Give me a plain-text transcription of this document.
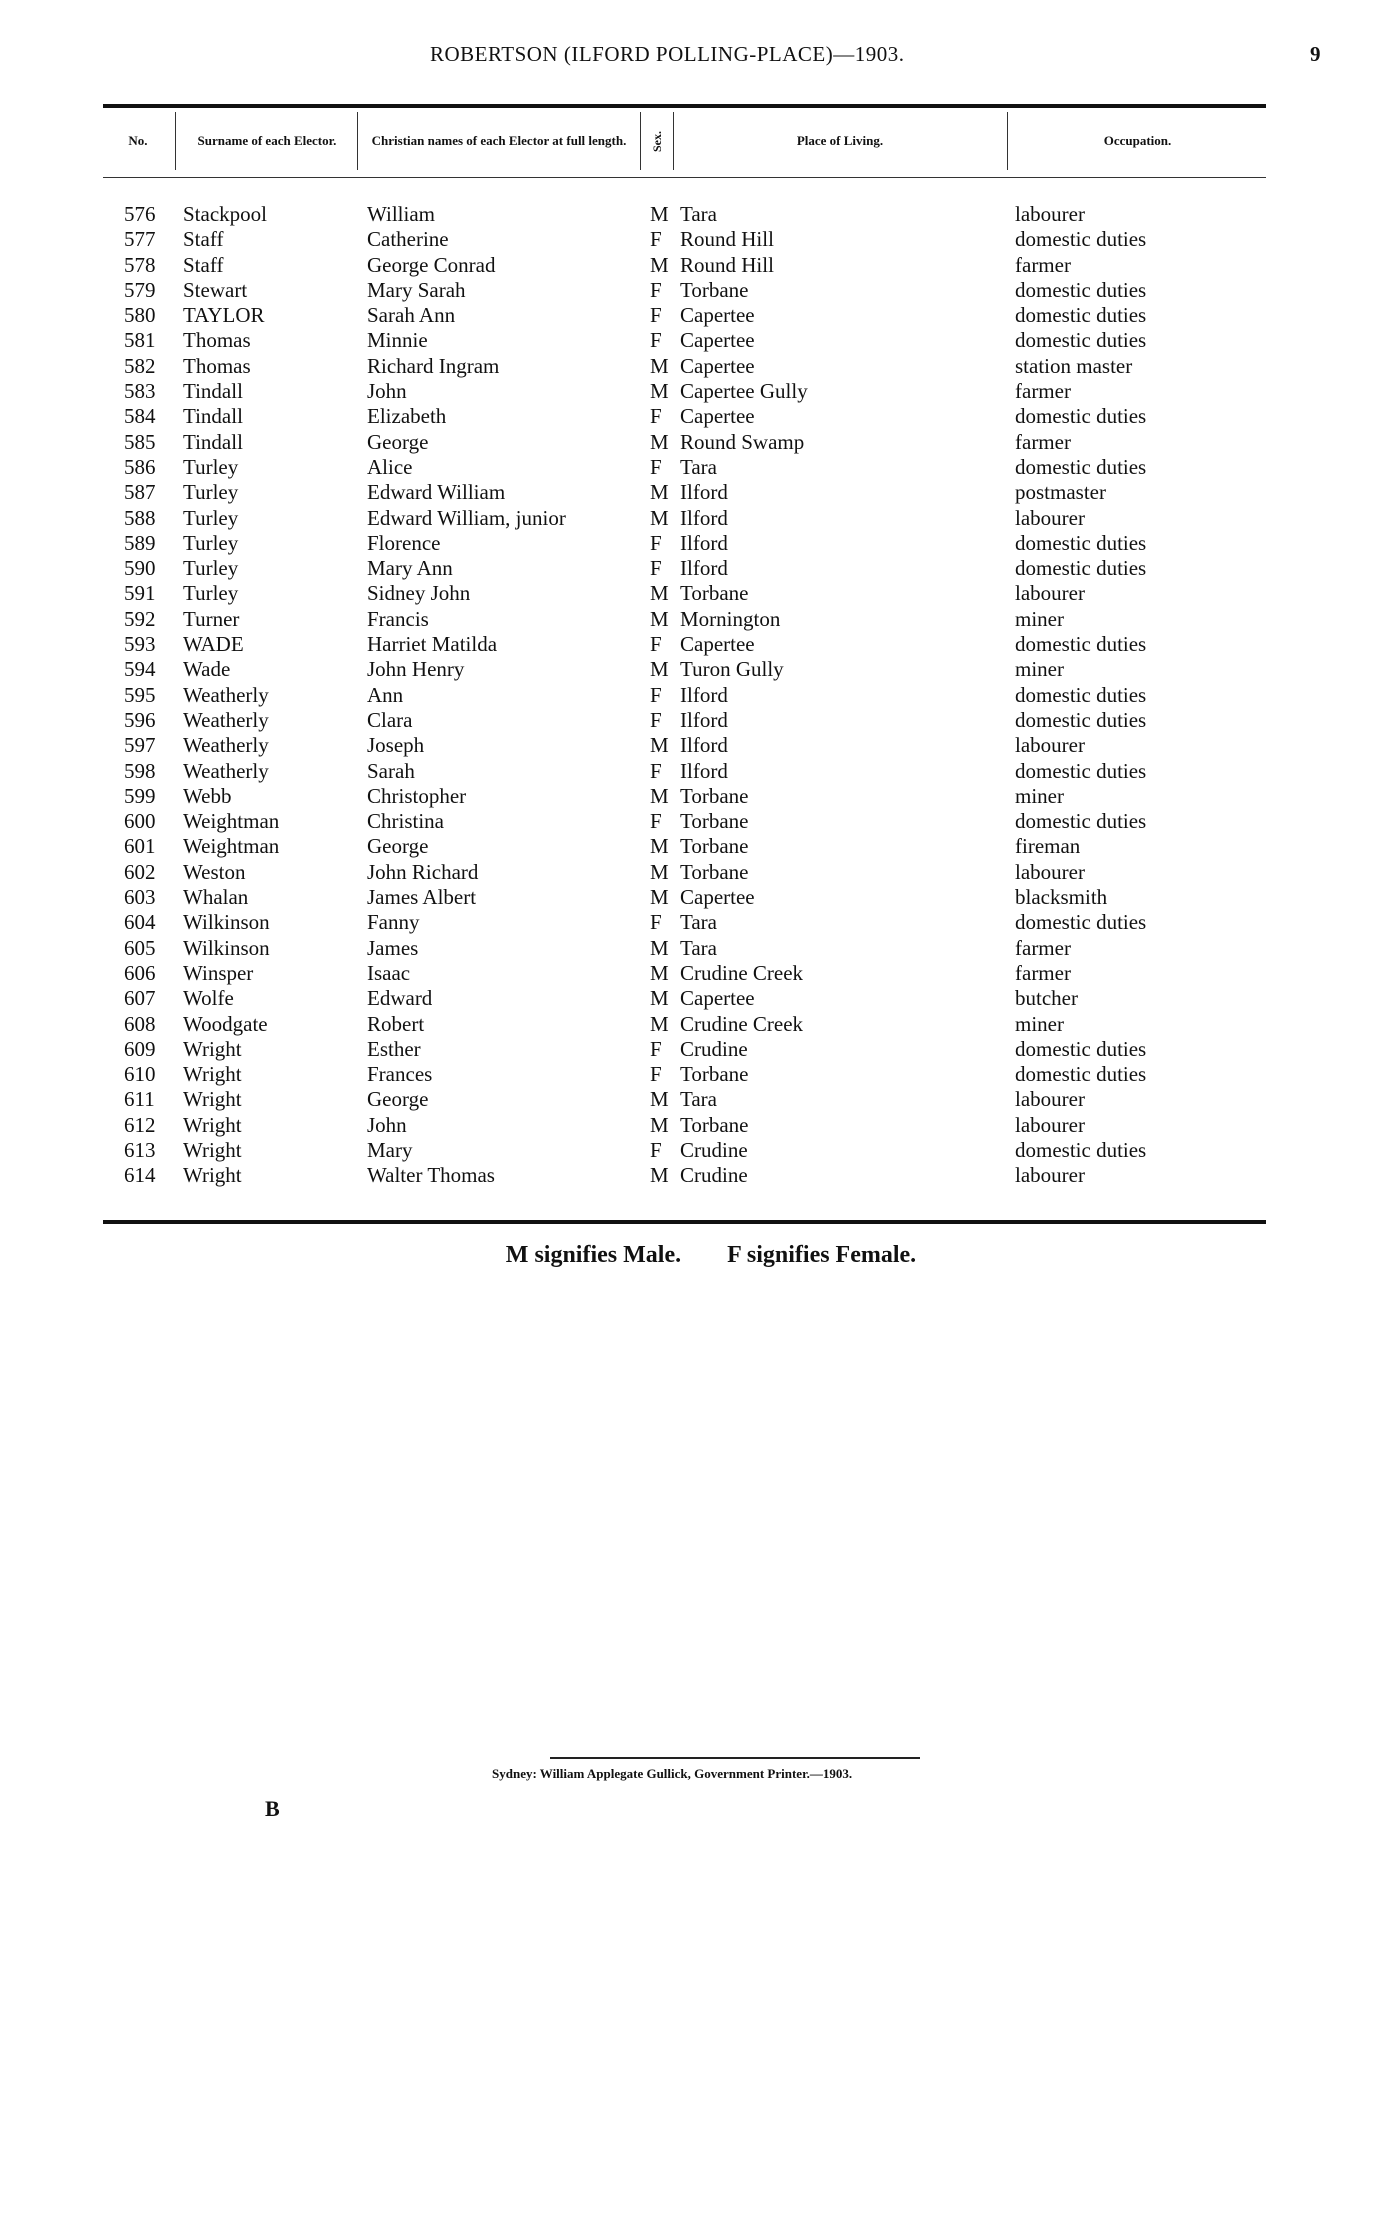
ROBERTSON (ILFORD POLLING-PLACE)—1903.	9
No.	Surname of each Elector.	Christian names of each Elector at full length.	Sex.	Place of Living.	Occupation.
576 Stackpool	William	M Tara	labourer
577 Staff	Catherine	F Round Hill	domestic duties
578 Staff	George Conrad	M Round Hill	farmer
579 Stewart	Mary Sarah	F Torbane	domestic duties
580 TAYLOR	Sarah Ann	F Capertee	domestic duties
581 Thomas	Minnie	F Capertee	domestic duties
582 Thomas	Richard Ingram	M Capertee	station master
583 Tindall	John	M Capertee Gully	farmer
584 Tindall	Elizabeth	F Capertee	domestic duties
585 Tindall	George	M Round Swamp	farmer
586 Turley	Alice	F Tara	domestic duties
587 Turley	Edward William	M Ilford	postmaster
588 Turley	Edward William, junior	M Ilford	labourer
589 Turley	Florence	F Ilford	domestic duties
590 Turley	Mary Ann	F Ilford	domestic duties
591 Turley	Sidney John	M Torbane	labourer
592 Turner	Francis	M Mornington	miner
593 WADE	Harriet Matilda	F Capertee	domestic duties
594 Wade	John Henry	M Turon Gully	miner
595 Weatherly	Ann	F Ilford	domestic duties
596 Weatherly	Clara	F Ilford	domestic duties
597 Weatherly	Joseph	M Ilford	labourer
598 Weatherly	Sarah	F Ilford	domestic duties
599 Webb	Christopher	M Torbane	miner
600 Weightman	Christina	F Torbane	domestic duties
601 Weightman	George	M Torbane	fireman
602 Weston	John Richard	M Torbane	labourer
603 Whalan	James Albert	M Capertee	blacksmith
604 Wilkinson	Fanny	F Tara	domestic duties
605 Wilkinson	James	M Tara	farmer
606 Winsper	Isaac	M Crudine Creek	farmer
607 Wolfe	Edward	M Capertee	butcher
608 Woodgate	Robert	M Crudine Creek	miner
609 Wright	Esther	F Crudine	domestic duties
610 Wright	Frances	F Torbane	domestic duties
611 Wright	George	M Tara	labourer
612 Wright	John	M Torbane	labourer
613 Wright	Mary	F Crudine	domestic duties
614 Wright	Walter Thomas	M Crudine	labourer
M signifies Male. F signifies Female.
Sydney: William Applegate Gullick, Government Printer.—1903.
B
